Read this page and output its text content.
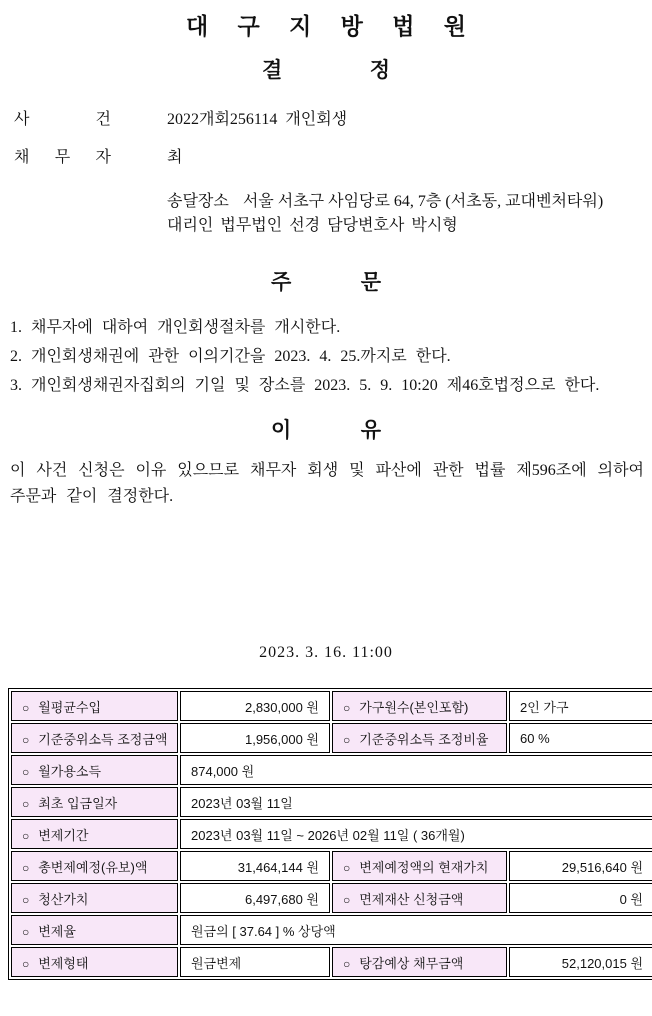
대 구 지 방 법 원
결 정
사 건	2022개회256114  개인회생
채 무 자	최
송달장소 서울 서초구 사임당로 64, 7층 (서초동, 교대벤처타워)
대리인 법무법인 선경 담당변호사 박시형
주 문
1. 채무자에 대하여 개인회생절차를 개시한다.
2. 개인회생채권에 관한 이의기간을 2023. 4. 25.까지로 한다.
3. 개인회생채권자집회의 기일 및 장소를 2023. 5. 9. 10:20 제46호법정으로 한다.
이 유
이 사건 신청은 이유 있으므로 채무자 회생 및 파산에 관한 법률 제596조에 의하여 주문과 같이 결정한다.
2023. 3. 16. 11:00
○ 월평균수입	2,830,000 원	○ 가구원수(본인포함)	2인 가구
○ 기준중위소득 조정금액	1,956,000 원	○ 기준중위소득 조정비율	60 %
○ 월가용소득	874,000 원		
○ 최초 입금일자	2023년 03월 11일		
○ 변제기간	2023년 03월 11일 ~ 2026년 02월 11일 ( 36개월)		
○ 총변제예정(유보)액	31,464,144 원	○ 변제예정액의 현재가치	29,516,640 원
○ 청산가치	6,497,680 원	○ 면제재산 신청금액	0 원
○ 변제율	원금의 [ 37.64 ] % 상당액		
○ 변제형태	원금변제	○ 탕감예상 채무금액	52,120,015 원
